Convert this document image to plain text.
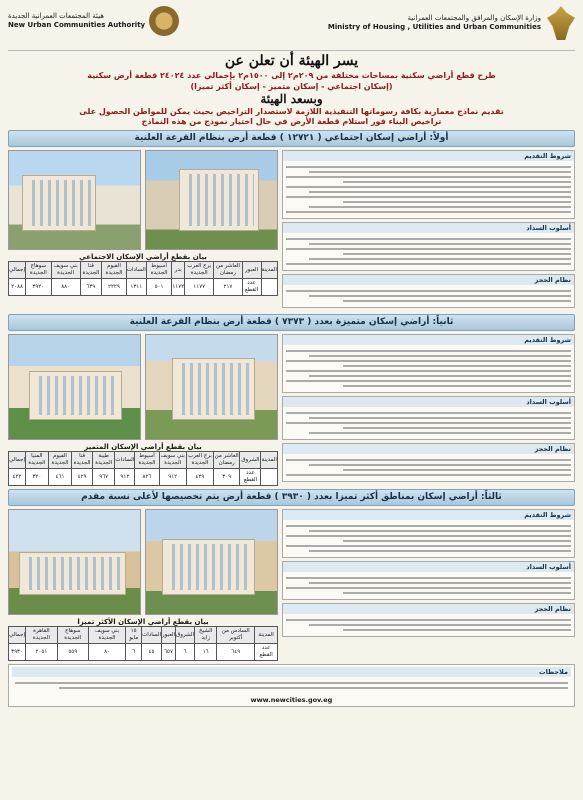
هيئة المجتمعات العمرانية الجديدة
New Urban Communities Authority
وزارة الإسكان والمرافق والمجتمعات العمرانية
Ministry of Housing , Utilities and Urban Communities
يسر الهيئة أن تعلن عن
طرح قطع أراضي سكنية بمساحات مختلفة من ٢٠٩م٢ إلى ١٥٠٠م٢ بإجمالي عدد ٢٤٠٢٤ قطعة أرض سكنية
(إسكان اجتماعي - إسكان متميز - إسكان أكثر تميزا)
وبسعد الهيئة
تقديم نماذج معمارية بكافة رسوماتها التنفيذية اللازمة لاستصدار التراخيص بحيث يمكن للمواطن الحصول على
تراخيص البناء فور استلام قطعة الأرض في حال اختيار نموذج من هذه النماذج
أولاً: أراضي إسكان اجتماعي ( ١٢٧٢١ ) قطعة أرض بنظام القرعة العلنية
بيان بقطع أراضي الإسكان الاجتماعي
إجمالي	سوهاج الجديدة	بني سويف الجديدة	قنا الجديدة	الفيوم الجديدة	السادات	أسيوط الجديدة	بدر	برج العرب الجديدة	العاشر من رمضان	العبور	المدينة
٢٠٨٨	٣٩٢٠	٨٨٠	٦٣٩	٢٢٢٩	١٣١١	٥٠١	١١٧٢	١١٧٧	٢١٧	عدد القطع	
شروط التقديم
أسلوب السداد
نظام الحجز
ثانياً: أراضي إسكان متميزة بعدد ( ٧٣٧٣ ) قطعة أرض بنظام القرعة العلنية
بيان بقطع أراضي الإسكان المتميز
إجمالي	المنيا الجديدة	الفيوم الجديدة	قنا الجديدة	طيبة الجديدة	السادات	أسيوط الجديدة	بني سويف الجديدة	برج العرب الجديدة	العاشر من رمضان	الشروق	المدينة
٤٢٢	٣٢٠	٤٦١	٤٢٩	٩٦٧	٩١٢	٨٢٦	٩١٢	٤٢٩	٣٠٩	عدد القطع	
شروط التقديم
أسلوب السداد
نظام الحجز
ثالثاً: أراضي إسكان بمناطق أكثر تميزا بعدد ( ٣٩٣٠ ) قطعة أرض يتم تخصيصها لأعلى نسبة مقدم
بيان بقطع أراضي الإسكان الأكثر تميزا
إجمالي	القاهرة الجديدة	سوهاج الجديدة	بني سويف الجديدة	١٥ مايو	السادات	العبور	الشروق	الشيخ زايد	السادس من أكتوبر	المدينة
٣٩٣٠	٢٠٥١	٥٥٩	٨٠	٦	٤٥	٦٥٧	٦	١٦	٦٤٩	عدد القطع
شروط التقديم
أسلوب السداد
نظام الحجز
ملاحظات
www.newcities.gov.eg
